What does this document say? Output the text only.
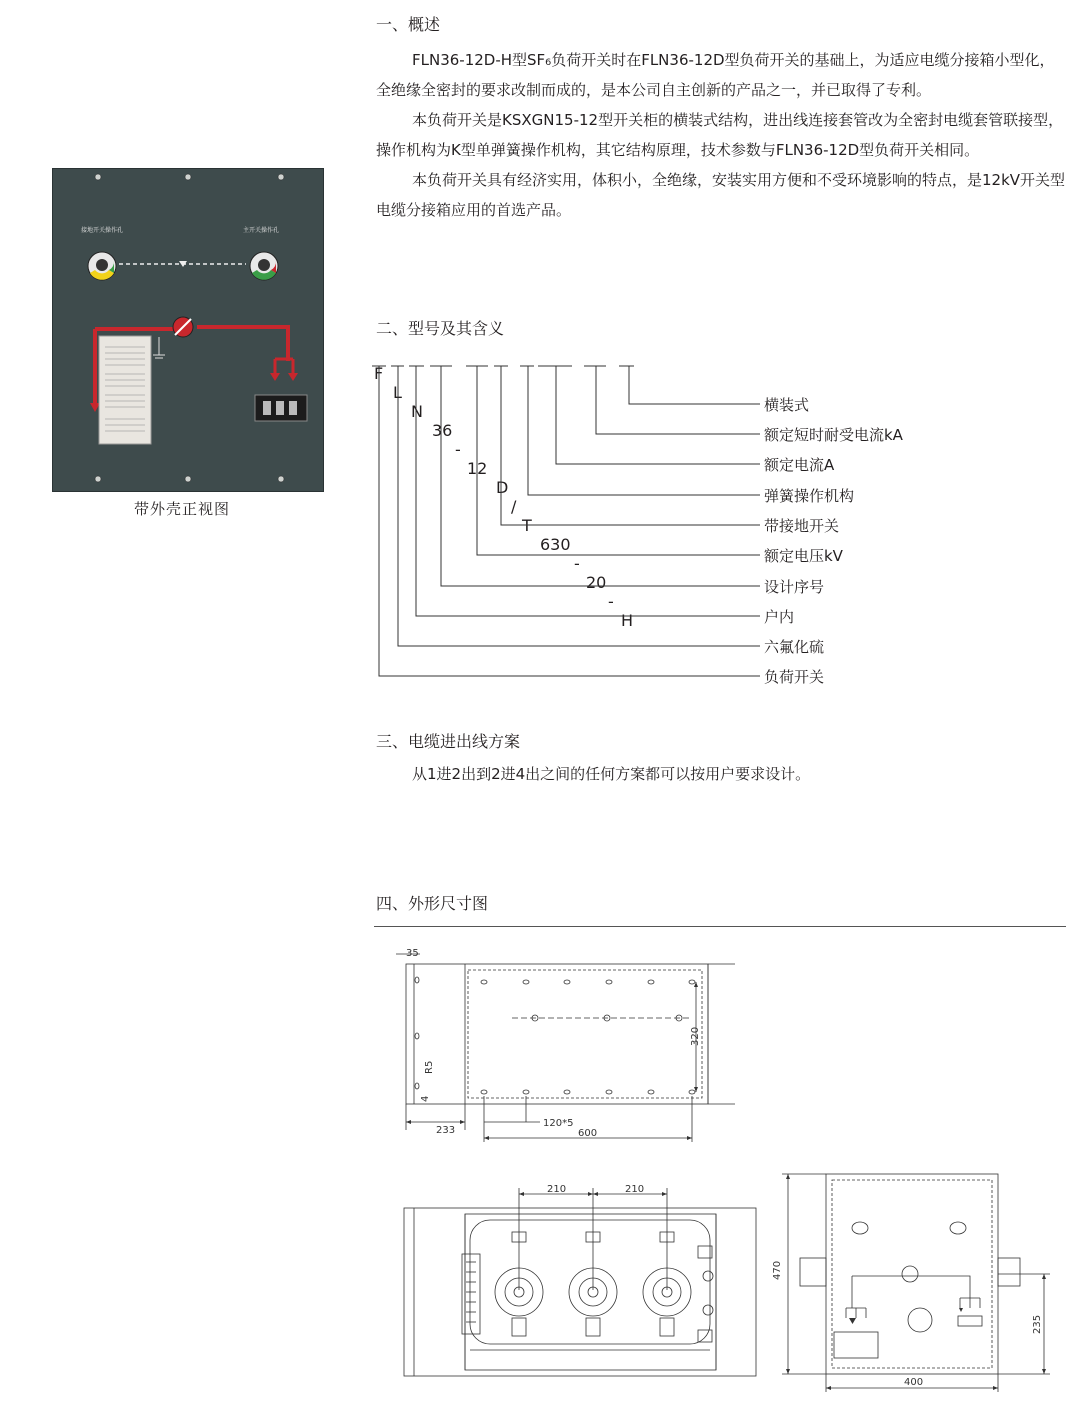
一、概述

FLN36-12D-H型SF₆负荷开关时在FLN36-12D型负荷开关的基础上，为适应电缆分接箱小型化，全绝缘全密封的要求改制而成的，是本公司自主创新的产品之一，并已取得了专利。

本负荷开关是KSXGN15-12型开关柜的横装式结构，进出线连接套管改为全密封电缆套管联接型，操作机构为K型单弹簧操作机构，其它结构原理，技术参数与FLN36-12D型负荷开关相同。

本负荷开关具有经济实用，体积小，全绝缘，安装实用方便和不受环境影响的特点，是12kV开关型电缆分接箱应用的首选产品。

接地开关操作孔	主开关操作孔
带外壳正视图
二、型号及其含义

F

L

N

36

-

12

D

/

T

630

-

20

-

H

横装式
额定短时耐受电流kA
额定电流A
弹簧操作机构
带接地开关
额定电压kV
设计序号
户内
六氟化硫
负荷开关
三、电缆进出线方案
从1进2出到2进4出之间的任何方案都可以按用户要求设计。
四、外形尺寸图
35
R5
4
233
120*5
600
320
210	210
470
235
400
